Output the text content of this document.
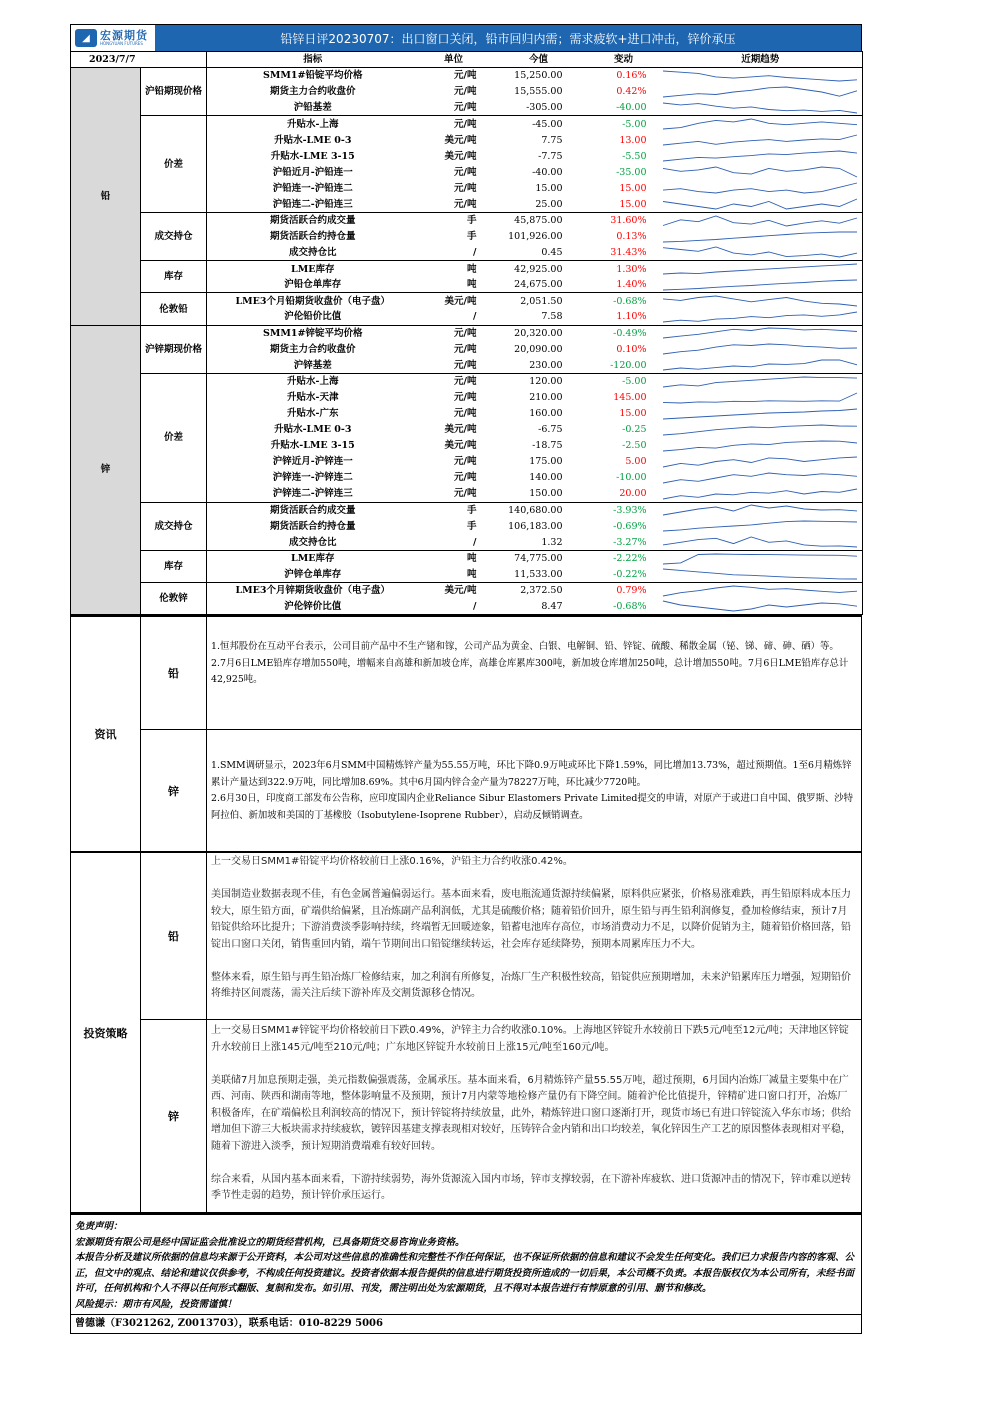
◢ 宏源期货
HONGYUAN FUTURES	铅锌日评20230707：出口窗口关闭，铅市回归内需；需求疲软+进口冲击，锌价承压
2023/7/7		指标	单位	今值	变动	近期趋势
铅	沪铅期现价格	SMM1#铅锭平均价格	元/吨	15,250.00	0.16%	

		期货主力合约收盘价	元/吨	15,555.00	0.42%	

		沪铅基差	元/吨	-305.00	-40.00	

	价差	升贴水-上海	元/吨	-45.00	-5.00	

		升贴水-LME 0-3	美元/吨	7.75	13.00	

		升贴水-LME 3-15	美元/吨	-7.75	-5.50	

		沪铅近月-沪铅连一	元/吨	-40.00	-35.00	

		沪铅连一-沪铅连二	元/吨	15.00	15.00	

		沪铅连二-沪铅连三	元/吨	25.00	15.00	

	成交持仓	期货活跃合约成交量	手	45,875.00	31.60%	

		期货活跃合约持仓量	手	101,926.00	0.13%	

		成交持仓比	/	0.45	31.43%	

	库存	LME库存	吨	42,925.00	1.30%	

		沪铅仓单库存	吨	24,675.00	1.40%	

	伦敦铅	LME3个月铅期货收盘价（电子盘）	美元/吨	2,051.50	-0.68%	

		沪伦铅价比值	/	7.58	1.10%	

锌	沪锌期现价格	SMM1#锌锭平均价格	元/吨	20,320.00	-0.49%	

		期货主力合约收盘价	元/吨	20,090.00	0.10%	

		沪锌基差	元/吨	230.00	-120.00	

	价差	升贴水-上海	元/吨	120.00	-5.00	

		升贴水-天津	元/吨	210.00	145.00	

		升贴水-广东	元/吨	160.00	15.00	

		升贴水-LME 0-3	美元/吨	-6.75	-0.25	

		升贴水-LME 3-15	美元/吨	-18.75	-2.50	

		沪锌近月-沪锌连一	元/吨	175.00	5.00	

		沪锌连一-沪锌连二	元/吨	140.00	-10.00	

		沪锌连二-沪锌连三	元/吨	150.00	20.00	

	成交持仓	期货活跃合约成交量	手	140,680.00	-3.93%	

		期货活跃合约持仓量	手	106,183.00	-0.69%	

		成交持仓比	/	1.32	-3.27%	

	库存	LME库存	吨	74,775.00	-2.22%	

		沪锌仓单库存	吨	11,533.00	-0.22%	

	伦敦锌	LME3个月锌期货收盘价（电子盘）	美元/吨	2,372.50	0.79%	

		沪伦锌价比值	/	8.47	-0.68%	
资讯
铅

1.恒邦股份在互动平台表示，公司目前产品中不生产锗和镓，公司产品为黄金、白银、电解铜、铅、锌锭、硫酸、稀散金属（铋、锑、碲、砷、硒）等。

2.7月6日LME铅库存增加550吨，增幅来自高雄和新加坡仓库，高雄仓库累库300吨，新加坡仓库增加250吨，总计增加550吨。7月6日LME铅库存总计42,925吨。

锌

1.SMM调研显示，2023年6月SMM中国精炼锌产量为55.55万吨，环比下降0.9万吨或环比下降1.59%，同比增加13.73%，超过预期值。1至6月精炼锌累计产量达到322.9万吨，同比增加8.69%。其中6月国内锌合金产量为78227万吨，环比减少7720吨。

2.6月30日，印度商工部发布公告称，应印度国内企业Reliance Sibur Elastomers Private Limited提交的申请，对原产于或进口自中国、俄罗斯、沙特阿拉伯、新加坡和美国的丁基橡胶（Isobutylene-Isoprene Rubber），启动反倾销调查。

投资策略
铅

上一交易日SMM1#铅锭平均价格较前日上涨0.16%，沪铅主力合约收涨0.42%。

美国制造业数据表现不佳，有色金属普遍偏弱运行。基本面来看，废电瓶流通货源持续偏紧，原料供应紧张，价格易涨难跌，再生铅原料成本压力较大，原生铅方面，矿端供给偏紧，且冶炼副产品利润低，尤其是硫酸价格；随着铅价回升，原生铅与再生铅利润修复，叠加检修结束，预计7月铅锭供给环比提升；下游消费淡季影响持续，终端暂无回暖迹象，铅蓄电池库存高位，市场消费动力不足，以降价促销为主，随着铅价格回落，铅锭出口窗口关闭，销售重回内销，端午节期间出口铅锭继续转运，社会库存延续降势，预期本周累库压力不大。

整体来看，原生铅与再生铅冶炼厂检修结束，加之利润有所修复，冶炼厂生产积极性较高，铅锭供应预期增加，未来沪铅累库压力增强，短期铅价将维持区间震荡，需关注后续下游补库及交割货源移仓情况。

锌

上一交易日SMM1#锌锭平均价格较前日下跌0.49%，沪锌主力合约收涨0.10%。上海地区锌锭升水较前日下跌5元/吨至12元/吨；天津地区锌锭升水较前日上涨145元/吨至210元/吨；广东地区锌锭升水较前日上涨15元/吨至160元/吨。

美联储7月加息预期走强，美元指数偏强震荡，金属承压。基本面来看，6月精炼锌产量55.55万吨，超过预期，6月国内冶炼厂减量主要集中在广西、河南、陕西和湖南等地，整体影响量不及预期，预计7月内蒙等地检修产量仍有下降空间。随着沪伦比值提升，锌精矿进口窗口打开，冶炼厂积极备库，在矿端偏松且利润较高的情况下，预计锌锭将持续放量，此外，精炼锌进口窗口逐渐打开，现货市场已有进口锌锭流入华东市场；供给增加但下游三大板块需求持续疲软，镀锌因基建支撑表现相对较好，压铸锌合金内销和出口均较差，氧化锌因生产工艺的原因整体表现相对平稳，随着下游进入淡季，预计短期消费端难有较好回转。

综合来看，从国内基本面来看，下游持续弱势，海外货源流入国内市场，锌市支撑较弱，在下游补库疲软、进口货源冲击的情况下，锌市难以逆转季节性走弱的趋势，预计锌价承压运行。

免责声明：
宏源期货有限公司是经中国证监会批准设立的期货经营机构，已具备期货交易咨询业务资格。
本报告分析及建议所依据的信息均来源于公开资料，本公司对这些信息的准确性和完整性不作任何保证，也不保证所依据的信息和建议不会发生任何变化。我们已力求报告内容的客观、公正，但文中的观点、结论和建议仅供参考，不构成任何投资建议。投资者依据本报告提供的信息进行期货投资所造成的一切后果，本公司概不负责。本报告版权仅为本公司所有，未经书面许可，任何机构和个人不得以任何形式翻版、复制和发布。如引用、刊发，需注明出处为宏源期货，且不得对本报告进行有悖原意的引用、删节和修改。
风险提示：期市有风险，投资需谨慎！
曾德谦（F3021262, Z0013703），联系电话：010-8229 5006
